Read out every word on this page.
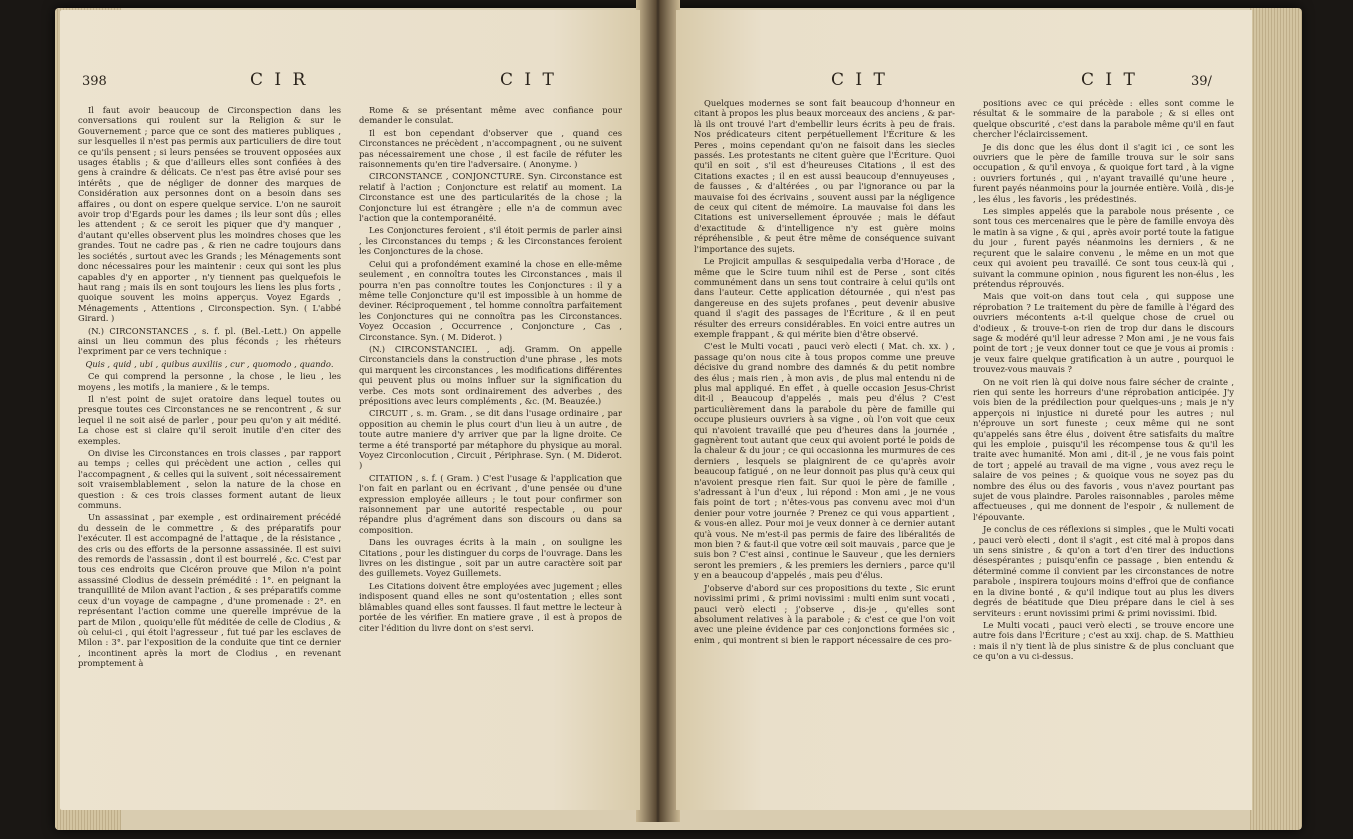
398	C I R	C I T

Il faut avoir beaucoup de Circonspection dans les conversations qui roulent sur la Religion & sur le Gouvernement ; parce que ce sont des matieres publiques , sur lesquelles il n'est pas permis aux particuliers de dire tout ce qu'ils pensent ; si leurs pensées se trouvent opposées aux usages établis ; & que d'ailleurs elles sont confiées à des gens à craindre & délicats. Ce n'est pas être avisé pour ses intérêts , que de négliger de donner des marques de Considération aux personnes dont on a besoin dans ses affaires , ou dont on espere quelque service. L'on ne sauroit avoir trop d'Egards pour les dames ; ils leur sont dûs ; elles les attendent ; & ce seroit les piquer que d'y manquer , d'autant qu'elles observent plus les moindres choses que les grandes. Tout ne cadre pas , & rien ne cadre toujours dans les sociétés , surtout avec les Grands ; les Ménagements sont donc nécessaires pour les maintenir : ceux qui sont les plus capables d'y en apporter , n'y tiennent pas quelquefois le haut rang ; mais ils en sont toujours les liens les plus forts , quoique souvent les moins apperçus. Voyez Egards , Ménagements , Attentions , Circonspection. Syn. ( L'abbé Girard. )

(N.) CIRCONSTANCES , s. f. pl. (Bel.-Lett.) On appelle ainsi un lieu commun des plus féconds ; les rhéteurs l'expriment par ce vers technique :

Quis , quid , ubi , quibus auxiliis , cur , quomodo , quando.

Ce qui comprend la personne , la chose , le lieu , les moyens , les motifs , la maniere , & le temps.

Il n'est point de sujet oratoire dans lequel toutes ou presque toutes ces Circonstances ne se rencontrent , & sur lequel il ne soit aisé de parler , pour peu qu'on y ait médité. La chose est si claire qu'il seroit inutile d'en citer des exemples.

On divise les Circonstances en trois classes , par rapport au temps ; celles qui précèdent une action , celles qui l'accompagnent , & celles qui la suivent , soit nécessairement soit vraisemblablement , selon la nature de la chose en question : & ces trois classes forment autant de lieux communs.

Un assassinat , par exemple , est ordinairement précédé du dessein de le commettre , & des préparatifs pour l'exécuter. Il est accompagné de l'attaque , de la résistance , des cris ou des efforts de la personne assassinée. Il est suivi des remords de l'assassin , dont il est bourrelé , &c. C'est par tous ces endroits que Cicéron prouve que Milon n'a point assassiné Clodius de dessein prémédité : 1°. en peignant la tranquillité de Milon avant l'action , & ses préparatifs comme ceux d'un voyage de campagne , d'une promenade : 2°. en représentant l'action comme une querelle imprévue de la part de Milon , quoiqu'elle fût méditée de celle de Clodius , & où celui-ci , qui étoit l'agresseur , fut tué par les esclaves de Milon : 3°. par l'exposition de la conduite que tint ce dernier , incontinent après la mort de Clodius , en revenant promptement à

Rome & se présentant même avec confiance pour demander le consulat.

Il est bon cependant d'observer que , quand ces Circonstances ne précèdent , n'accompagnent , ou ne suivent pas nécessairement une chose , il est facile de réfuter les raisonnements qu'en tire l'adversaire. ( Anonyme. )

CIRCONSTANCE , CONJONCTURE. Syn. Circonstance est relatif à l'action ; Conjoncture est relatif au moment. La Circonstance est une des particularités de la chose ; la Conjoncture lui est étrangère ; elle n'a de commun avec l'action que la contemporanéité.

Les Conjonctures feroient , s'il étoit permis de parler ainsi , les Circonstances du temps ; & les Circonstances feroient les Conjonctures de la chose.

Celui qui a profondément examiné la chose en elle-même seulement , en connoîtra toutes les Circonstances , mais il pourra n'en pas connoître toutes les Conjonctures : il y a même telle Conjoncture qu'il est impossible à un homme de deviner. Réciproquement , tel homme connoîtra parfaitement les Conjonctures qui ne connoîtra pas les Circonstances. Voyez Occasion , Occurrence , Conjoncture , Cas , Circonstance. Syn. ( M. Diderot. )

(N.) CIRCONSTANCIEL , adj. Gramm. On appelle Circonstanciels dans la construction d'une phrase , les mots qui marquent les circonstances , les modifications différentes qui peuvent plus ou moins influer sur la signification du verbe. Ces mots sont ordinairement des adverbes , des prépositions avec leurs compléments , &c. (M. Beauzée.)

CIRCUIT , s. m. Gram. , se dit dans l'usage ordinaire , par opposition au chemin le plus court d'un lieu à un autre , de toute autre maniere d'y arriver que par la ligne droite. Ce terme a été transporté par métaphore du physique au moral. Voyez Circonlocution , Circuit , Périphrase. Syn. ( M. Diderot. )

CITATION , s. f. ( Gram. ) C'est l'usage & l'application que l'on fait en parlant ou en écrivant , d'une pensée ou d'une expression employée ailleurs ; le tout pour confirmer son raisonnement par une autorité respectable , ou pour répandre plus d'agrément dans son discours ou dans sa composition.

Dans les ouvrages écrits à la main , on souligne les Citations , pour les distinguer du corps de l'ouvrage. Dans les livres on les distingue , soit par un autre caractère soit par des guillemets. Voyez Guillemets.

Les Citations doivent être employées avec jugement ; elles indisposent quand elles ne sont qu'ostentation ; elles sont blâmables quand elles sont fausses. Il faut mettre le lecteur à portée de les vérifier. En matiere grave , il est à propos de citer l'édition du livre dont on s'est servi.

C I T	C I T	39/

Quelques modernes se sont fait beaucoup d'honneur en citant à propos les plus beaux morceaux des anciens , & par-là ils ont trouvé l'art d'embellir leurs écrits à peu de frais. Nos prédicateurs citent perpétuellement l'Écriture & les Peres , moins cependant qu'on ne faisoit dans les siecles passés. Les protestants ne citent guère que l'Écriture. Quoi qu'il en soit , s'il est d'heureuses Citations , il est des Citations exactes ; il en est aussi beaucoup d'ennuyeuses , de fausses , & d'altérées , ou par l'ignorance ou par la mauvaise foi des écrivains , souvent aussi par la négligence de ceux qui citent de mémoire. La mauvaise foi dans les Citations est universellement éprouvée ; mais le défaut d'exactitude & d'intelligence n'y est guère moins répréhensible , & peut être même de conséquence suivant l'importance des sujets.

Le Projicit ampullas & sesquipedalia verba d'Horace , de même que le Scire tuum nihil est de Perse , sont cités communément dans un sens tout contraire à celui qu'ils ont dans l'auteur. Cette application détournée , qui n'est pas dangereuse en des sujets profanes , peut devenir abusive quand il s'agit des passages de l'Écriture , & il en peut résulter des erreurs considérables. En voici entre autres un exemple frappant , & qui mérite bien d'être observé.

C'est le Multi vocati , pauci verò electi ( Mat. ch. xx. ) , passage qu'on nous cite à tous propos comme une preuve décisive du grand nombre des damnés & du petit nombre des élus ; mais rien , à mon avis , de plus mal entendu ni de plus mal appliqué. En effet , à quelle occasion Jesus-Christ dit-il , Beaucoup d'appelés , mais peu d'élus ? C'est particulièrement dans la parabole du père de famille qui occupe plusieurs ouvriers à sa vigne , où l'on voit que ceux qui n'avoient travaillé que peu d'heures dans la journée , gagnèrent tout autant que ceux qui avoient porté le poids de la chaleur & du jour ; ce qui occasionna les murmures de ces derniers , lesquels se plaignirent de ce qu'après avoir beaucoup fatigué , on ne leur donnoit pas plus qu'à ceux qui n'avoient presque rien fait. Sur quoi le père de famille , s'adressant à l'un d'eux , lui répond : Mon ami , je ne vous fais point de tort ; n'êtes-vous pas convenu avec moi d'un denier pour votre journée ? Prenez ce qui vous appartient , & vous-en allez. Pour moi je veux donner à ce dernier autant qu'à vous. Ne m'est-il pas permis de faire des libéralités de mon bien ? & faut-il que votre œil soit mauvais , parce que je suis bon ? C'est ainsi , continue le Sauveur , que les derniers seront les premiers , & les premiers les derniers , parce qu'il y en a beaucoup d'appelés , mais peu d'élus.

J'observe d'abord sur ces propositions du texte , Sic erunt novissimi primi , & primi novissimi : multi enim sunt vocati , pauci verò electi ; j'observe , dis-je , qu'elles sont absolument relatives à la parabole ; & c'est ce que l'on voit avec une pleine évidence par ces conjonctions formées sic , enim , qui montrent si bien le rapport nécessaire de ces pro-

positions avec ce qui précède : elles sont comme le résultat & le sommaire de la parabole ; & si elles ont quelque obscurité , c'est dans la parabole même qu'il en faut chercher l'éclaircissement.

Je dis donc que les élus dont il s'agit ici , ce sont les ouvriers que le père de famille trouva sur le soir sans occupation , & qu'il envoya , & quoique fort tard , à la vigne : ouvriers fortunés , qui , n'ayant travaillé qu'une heure , furent payés néanmoins pour la journée entière. Voilà , dis-je , les élus , les favoris , les prédestinés.

Les simples appelés que la parabole nous présente , ce sont tous ces mercenaires que le père de famille envoya dès le matin à sa vigne , & qui , après avoir porté toute la fatigue du jour , furent payés néanmoins les derniers , & ne reçurent que le salaire convenu , le même en un mot que ceux qui avoient peu travaillé. Ce sont tous ceux-là qui , suivant la commune opinion , nous figurent les non-élus , les prétendus réprouvés.

Mais que voit-on dans tout cela , qui suppose une réprobation ? Le traitement du père de famille à l'égard des ouvriers mécontents a-t-il quelque chose de cruel ou d'odieux , & trouve-t-on rien de trop dur dans le discours sage & modéré qu'il leur adresse ? Mon ami , je ne vous fais point de tort ; je veux donner tout ce que je vous ai promis : je veux faire quelque gratification à un autre , pourquoi le trouvez-vous mauvais ?

On ne voit rien là qui doive nous faire sécher de crainte , rien qui sente les horreurs d'une réprobation anticipée. J'y vois bien de la prédilection pour quelques-uns ; mais je n'y apperçois ni injustice ni dureté pour les autres ; nul n'éprouve un sort funeste ; ceux même qui ne sont qu'appelés sans être élus , doivent être satisfaits du maître qui les emploie , puisqu'il les récompense tous & qu'il les traite avec humanité. Mon ami , dit-il , je ne vous fais point de tort ; appelé au travail de ma vigne , vous avez reçu le salaire de vos peines ; & quoique vous ne soyez pas du nombre des élus ou des favoris , vous n'avez pourtant pas sujet de vous plaindre. Paroles raisonnables , paroles même affectueuses , qui me donnent de l'espoir , & nullement de l'épouvante.

Je conclus de ces réflexions si simples , que le Multi vocati , pauci verò electi , dont il s'agit , est cité mal à propos dans un sens sinistre , & qu'on a tort d'en tirer des inductions désespérantes ; puisqu'enfin ce passage , bien entendu & déterminé comme il convient par les circonstances de notre parabole , inspirera toujours moins d'effroi que de confiance en la divine bonté , & qu'il indique tout au plus les divers degrés de béatitude que Dieu prépare dans le ciel à ses serviteurs : erunt novissimi primi & primi novissimi. Ibid.

Le Multi vocati , pauci verò electi , se trouve encore une autre fois dans l'Écriture ; c'est au xxij. chap. de S. Matthieu : mais il n'y tient là de plus sinistre & de plus concluant que ce qu'on a vu ci-dessus.
